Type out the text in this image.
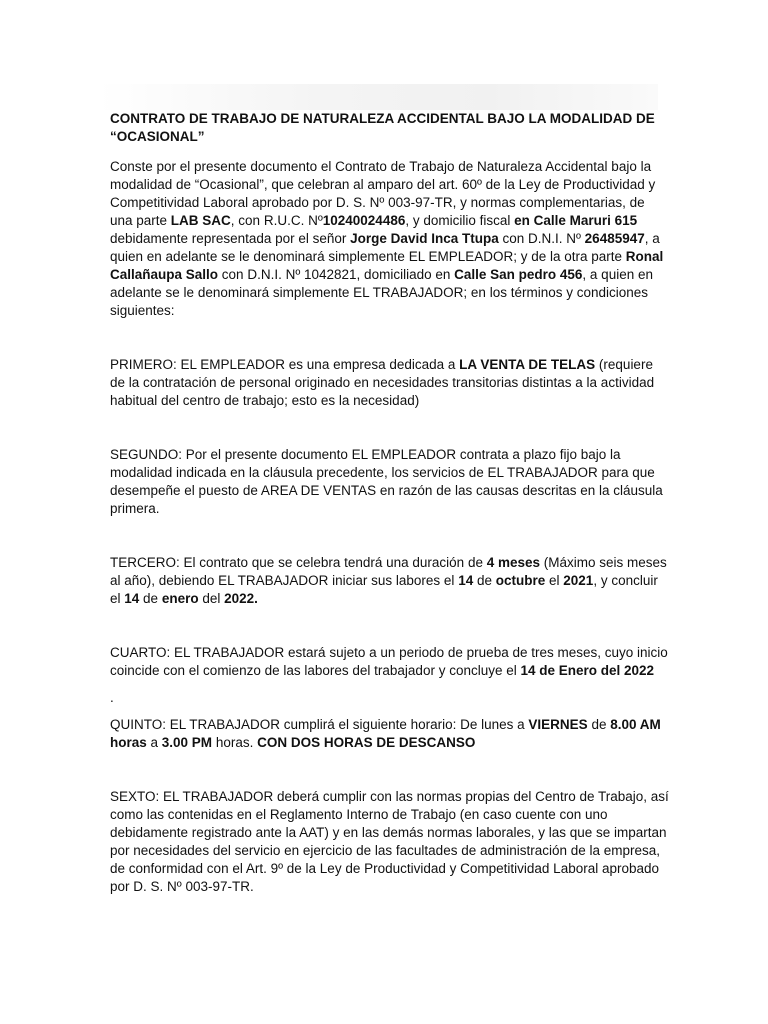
CONTRATO DE TRABAJO DE NATURALEZA ACCIDENTAL BAJO LA MODALIDAD DE
“OCASIONAL”

Conste por el presente documento el Contrato de Trabajo de Naturaleza Accidental bajo la modalidad de “Ocasional”, que celebran al amparo del art. 60º de la Ley de Productividad y Competitividad Laboral aprobado por D. S. Nº 003-97-TR, y normas complementarias, de una parte LAB SAC, con R.U.C. Nº10240024486, y domicilio fiscal en Calle Maruri 615 debidamente representada por el señor Jorge David Inca Ttupa con D.N.I. Nº 26485947, a quien en adelante se le denominará simplemente EL EMPLEADOR; y de la otra parte Ronal Callañaupa Sallo con D.N.I. Nº 1042821, domiciliado en Calle San pedro 456, a quien en adelante se le denominará simplemente EL TRABAJADOR; en los términos y condiciones siguientes:

PRIMERO: EL EMPLEADOR es una empresa dedicada a LA VENTA DE TELAS (requiere de la contratación de personal originado en necesidades transitorias distintas a la actividad habitual del centro de trabajo; esto es la necesidad)

SEGUNDO: Por el presente documento EL EMPLEADOR contrata a plazo fijo bajo la modalidad indicada en la cláusula precedente, los servicios de EL TRABAJADOR para que desempeñe el puesto de AREA DE VENTAS en razón de las causas descritas en la cláusula primera.

TERCERO: El contrato que se celebra tendrá una duración de 4 meses (Máximo seis meses al año), debiendo EL TRABAJADOR iniciar sus labores el 14 de octubre el 2021, y concluir el 14 de enero del 2022.

CUARTO: EL TRABAJADOR estará sujeto a un periodo de prueba de tres meses, cuyo inicio coincide con el comienzo de las labores del trabajador y concluye el 14 de Enero del 2022

.

QUINTO: EL TRABAJADOR cumplirá el siguiente horario: De lunes a VIERNES de 8.00 AM horas a 3.00 PM horas. CON DOS HORAS DE DESCANSO

SEXTO: EL TRABAJADOR deberá cumplir con las normas propias del Centro de Trabajo, así como las contenidas en el Reglamento Interno de Trabajo (en caso cuente con uno debidamente registrado ante la AAT) y en las demás normas laborales, y las que se impartan por necesidades del servicio en ejercicio de las facultades de administración de la empresa, de conformidad con el Art. 9º de la Ley de Productividad y Competitividad Laboral aprobado por D. S. Nº 003-97-TR.
